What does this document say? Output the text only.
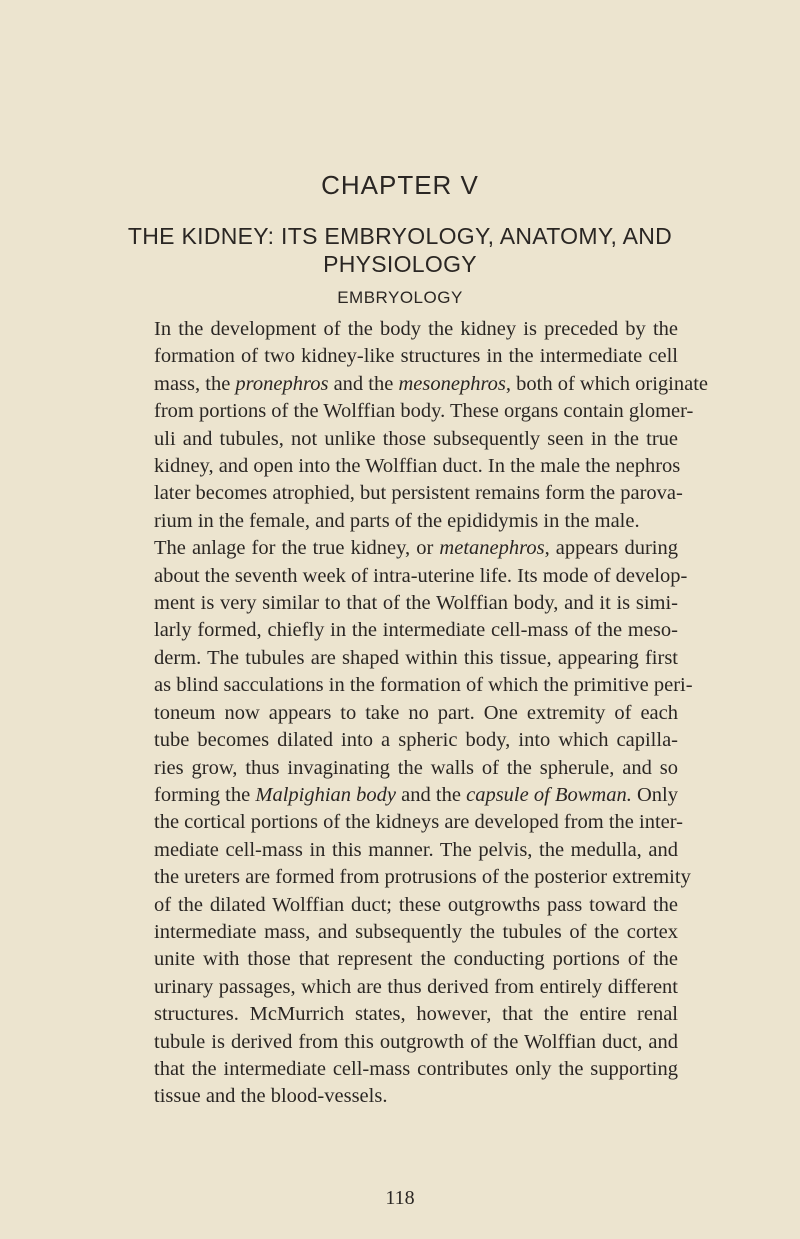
CHAPTER V
THE KIDNEY: ITS EMBRYOLOGY, ANATOMY, AND
PHYSIOLOGY
EMBRYOLOGY
In the development of the body the kidney is preceded by the
formation of two kidney-like structures in the intermediate cell
mass, the pronephros and the mesonephros, both of which originate
from portions of the Wolffian body. These organs contain glomer-
uli and tubules, not unlike those subsequently seen in the true
kidney, and open into the Wolffian duct. In the male the nephros
later becomes atrophied, but persistent remains form the parova-
rium in the female, and parts of the epididymis in the male.
The anlage for the true kidney, or metanephros, appears during
about the seventh week of intra-uterine life. Its mode of develop-
ment is very similar to that of the Wolffian body, and it is simi-
larly formed, chiefly in the intermediate cell-mass of the meso-
derm. The tubules are shaped within this tissue, appearing first
as blind sacculations in the formation of which the primitive peri-
toneum now appears to take no part. One extremity of each
tube becomes dilated into a spheric body, into which capilla-
ries grow, thus invaginating the walls of the spherule, and so
forming the Malpighian body and the capsule of Bowman. Only
the cortical portions of the kidneys are developed from the inter-
mediate cell-mass in this manner. The pelvis, the medulla, and
the ureters are formed from protrusions of the posterior extremity
of the dilated Wolffian duct; these outgrowths pass toward the
intermediate mass, and subsequently the tubules of the cortex
unite with those that represent the conducting portions of the
urinary passages, which are thus derived from entirely different
structures. McMurrich states, however, that the entire renal
tubule is derived from this outgrowth of the Wolffian duct, and
that the intermediate cell-mass contributes only the supporting
tissue and the blood-vessels.
118
